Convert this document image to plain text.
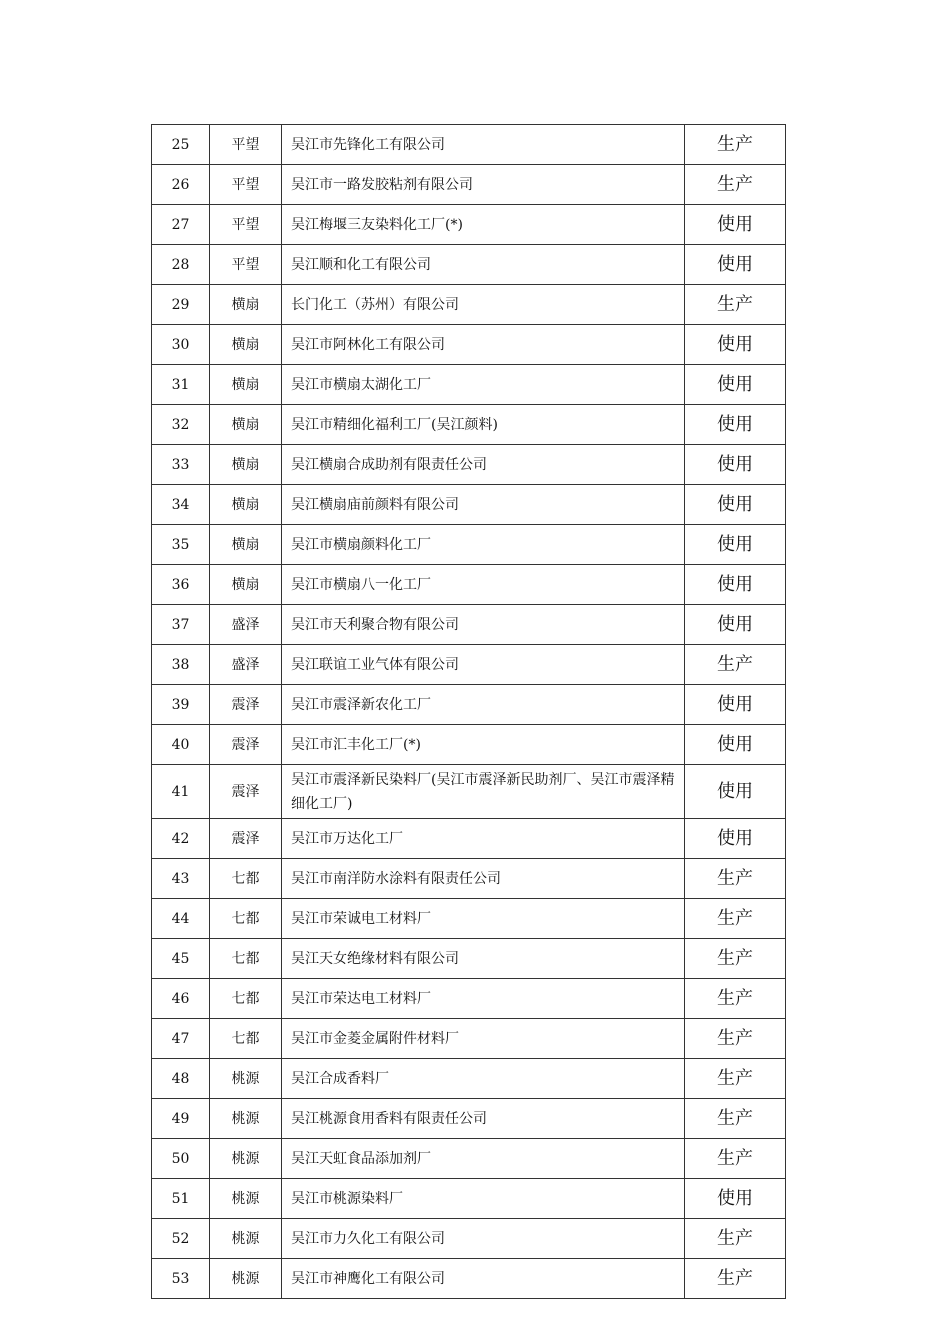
25	平望	吴江市先锋化工有限公司	生产
26	平望	吴江市一路发胶粘剂有限公司	生产
27	平望	吴江梅堰三友染料化工厂(*)	使用
28	平望	吴江顺和化工有限公司	使用
29	横扇	长门化工（苏州）有限公司	生产
30	横扇	吴江市阿林化工有限公司	使用
31	横扇	吴江市横扇太湖化工厂	使用
32	横扇	吴江市精细化福利工厂(吴江颜料)	使用
33	横扇	吴江横扇合成助剂有限责任公司	使用
34	横扇	吴江横扇庙前颜料有限公司	使用
35	横扇	吴江市横扇颜料化工厂	使用
36	横扇	吴江市横扇八一化工厂	使用
37	盛泽	吴江市天利聚合物有限公司	使用
38	盛泽	吴江联谊工业气体有限公司	生产
39	震泽	吴江市震泽新农化工厂	使用
40	震泽	吴江市汇丰化工厂(*)	使用
41	震泽	吴江市震泽新民染料厂(吴江市震泽新民助剂厂、吴江市震泽精细化工厂)	使用
42	震泽	吴江市万达化工厂	使用
43	七都	吴江市南洋防水涂料有限责任公司	生产
44	七都	吴江市荣诚电工材料厂	生产
45	七都	吴江天女绝缘材料有限公司	生产
46	七都	吴江市荣达电工材料厂	生产
47	七都	吴江市金菱金属附件材料厂	生产
48	桃源	吴江合成香料厂	生产
49	桃源	吴江桃源食用香料有限责任公司	生产
50	桃源	吴江天虹食品添加剂厂	生产
51	桃源	吴江市桃源染料厂	使用
52	桃源	吴江市力久化工有限公司	生产
53	桃源	吴江市神鹰化工有限公司	生产
